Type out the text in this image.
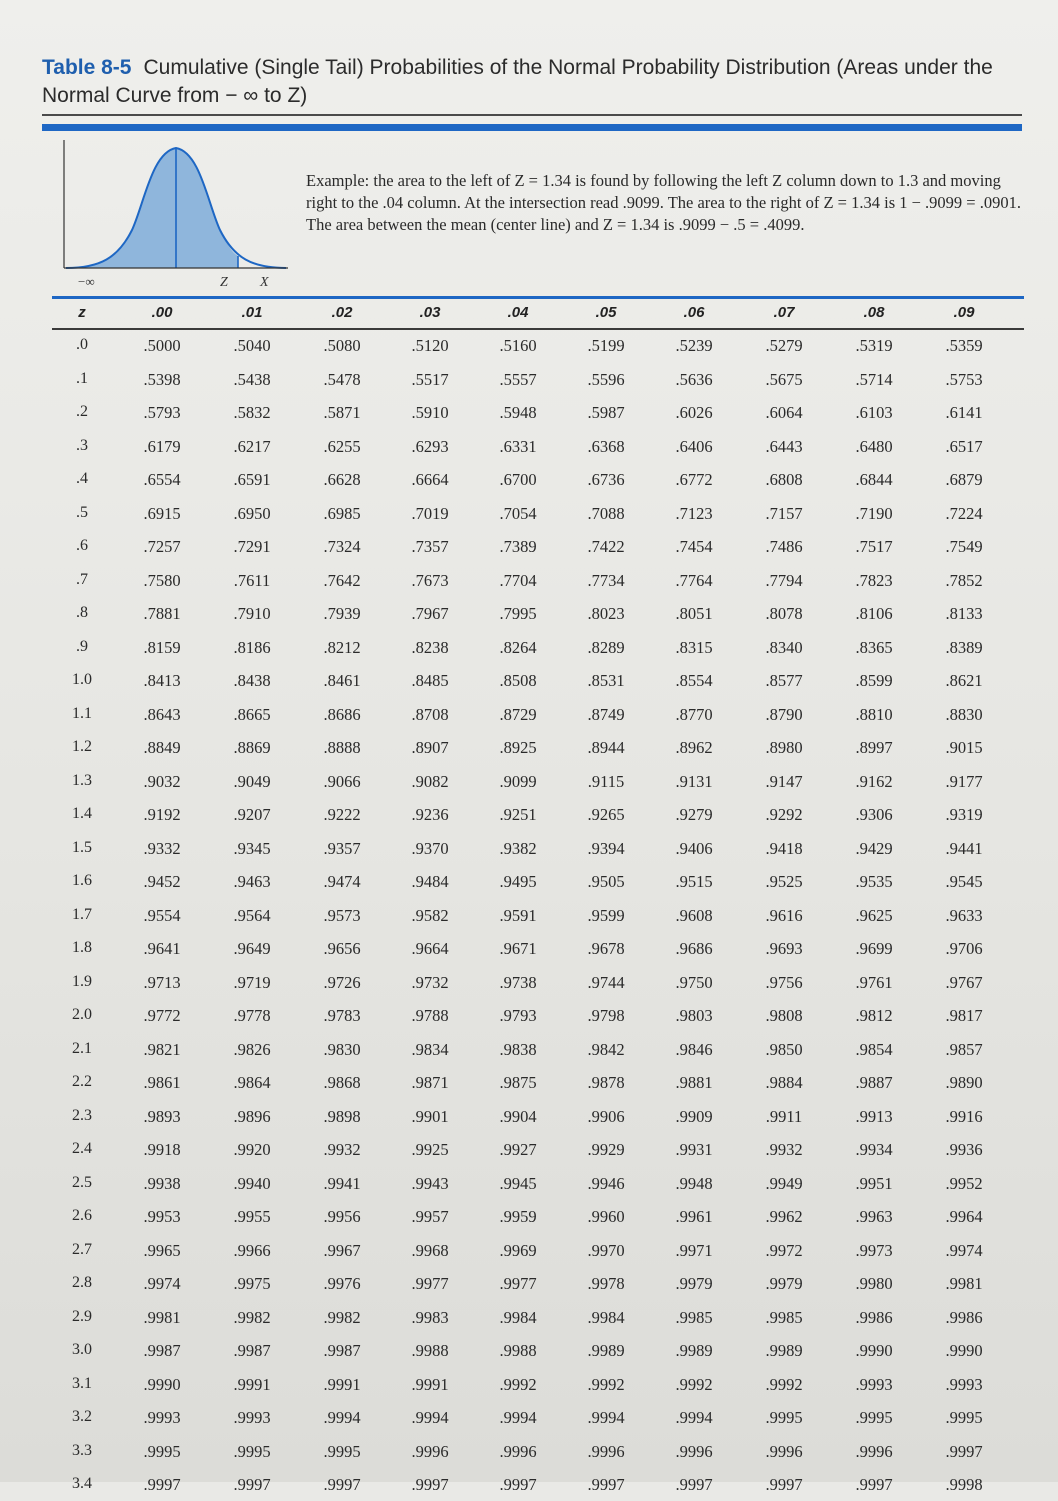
Table 8-5 Cumulative (Single Tail) Probabilities of the Normal Probability Distribution (Areas under the Normal Curve from − ∞ to Z)
−∞	Z X
Example: the area to the left of Z = 1.34 is found by following the left Z column down to 1.3 and moving right to the .04 column. At the intersection read .9099. The area to the right of Z = 1.34 is 1 − .9099 = .0901. The area between the mean (center line) and Z = 1.34 is .9099 − .5 = .4099.
z	.00	.01	.02	.03	.04	.05	.06	.07	.08	.09
.0	.5000	.5040	.5080	.5120	.5160	.5199	.5239	.5279	.5319	.5359
.1	.5398	.5438	.5478	.5517	.5557	.5596	.5636	.5675	.5714	.5753
.2	.5793	.5832	.5871	.5910	.5948	.5987	.6026	.6064	.6103	.6141
.3	.6179	.6217	.6255	.6293	.6331	.6368	.6406	.6443	.6480	.6517
.4	.6554	.6591	.6628	.6664	.6700	.6736	.6772	.6808	.6844	.6879
.5	.6915	.6950	.6985	.7019	.7054	.7088	.7123	.7157	.7190	.7224
.6	.7257	.7291	.7324	.7357	.7389	.7422	.7454	.7486	.7517	.7549
.7	.7580	.7611	.7642	.7673	.7704	.7734	.7764	.7794	.7823	.7852
.8	.7881	.7910	.7939	.7967	.7995	.8023	.8051	.8078	.8106	.8133
.9	.8159	.8186	.8212	.8238	.8264	.8289	.8315	.8340	.8365	.8389
1.0	.8413	.8438	.8461	.8485	.8508	.8531	.8554	.8577	.8599	.8621
1.1	.8643	.8665	.8686	.8708	.8729	.8749	.8770	.8790	.8810	.8830
1.2	.8849	.8869	.8888	.8907	.8925	.8944	.8962	.8980	.8997	.9015
1.3	.9032	.9049	.9066	.9082	.9099	.9115	.9131	.9147	.9162	.9177
1.4	.9192	.9207	.9222	.9236	.9251	.9265	.9279	.9292	.9306	.9319
1.5	.9332	.9345	.9357	.9370	.9382	.9394	.9406	.9418	.9429	.9441
1.6	.9452	.9463	.9474	.9484	.9495	.9505	.9515	.9525	.9535	.9545
1.7	.9554	.9564	.9573	.9582	.9591	.9599	.9608	.9616	.9625	.9633
1.8	.9641	.9649	.9656	.9664	.9671	.9678	.9686	.9693	.9699	.9706
1.9	.9713	.9719	.9726	.9732	.9738	.9744	.9750	.9756	.9761	.9767
2.0	.9772	.9778	.9783	.9788	.9793	.9798	.9803	.9808	.9812	.9817
2.1	.9821	.9826	.9830	.9834	.9838	.9842	.9846	.9850	.9854	.9857
2.2	.9861	.9864	.9868	.9871	.9875	.9878	.9881	.9884	.9887	.9890
2.3	.9893	.9896	.9898	.9901	.9904	.9906	.9909	.9911	.9913	.9916
2.4	.9918	.9920	.9932	.9925	.9927	.9929	.9931	.9932	.9934	.9936
2.5	.9938	.9940	.9941	.9943	.9945	.9946	.9948	.9949	.9951	.9952
2.6	.9953	.9955	.9956	.9957	.9959	.9960	.9961	.9962	.9963	.9964
2.7	.9965	.9966	.9967	.9968	.9969	.9970	.9971	.9972	.9973	.9974
2.8	.9974	.9975	.9976	.9977	.9977	.9978	.9979	.9979	.9980	.9981
2.9	.9981	.9982	.9982	.9983	.9984	.9984	.9985	.9985	.9986	.9986
3.0	.9987	.9987	.9987	.9988	.9988	.9989	.9989	.9989	.9990	.9990
3.1	.9990	.9991	.9991	.9991	.9992	.9992	.9992	.9992	.9993	.9993
3.2	.9993	.9993	.9994	.9994	.9994	.9994	.9994	.9995	.9995	.9995
3.3	.9995	.9995	.9995	.9996	.9996	.9996	.9996	.9996	.9996	.9997
3.4	.9997	.9997	.9997	.9997	.9997	.9997	.9997	.9997	.9997	.9998
